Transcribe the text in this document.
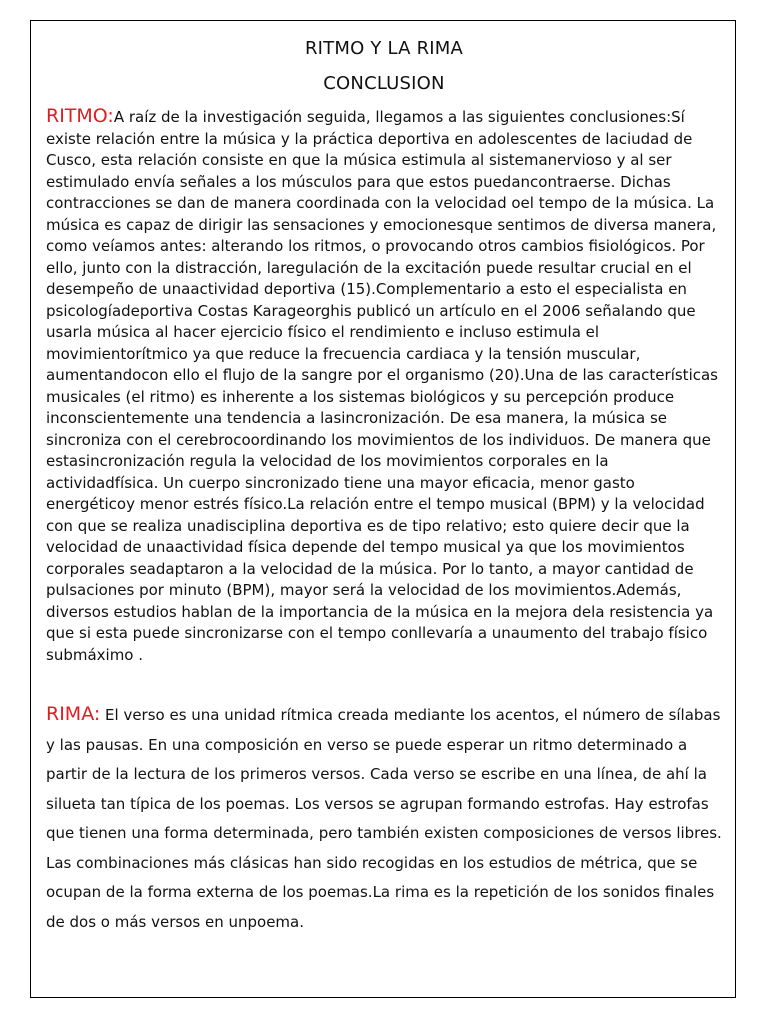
RITMO Y LA RIMA
CONCLUSION

RITMO:A raíz de la investigación seguida, llegamos a las siguientes conclusiones:Sí existe relación entre la música y la práctica deportiva en adolescentes de laciudad de Cusco, esta relación consiste en que la música estimula al sistemanervioso y al ser estimulado envía señales a los músculos para que estos puedancontraerse. Dichas contracciones se dan de manera coordinada con la velocidad oel tempo de la música. La música es capaz de dirigir las sensaciones y emocionesque sentimos de diversa manera, como veíamos antes: alterando los ritmos, o provocando otros cambios fisiológicos. Por ello, junto con la distracción, laregulación de la excitación puede resultar crucial en el desempeño de unaactividad deportiva (15).Complementario a esto el especialista en psicologíadeportiva Costas Karageorghis publicó un artículo en el 2006 señalando que usarla música al hacer ejercicio físico el rendimiento e incluso estimula el movimientorítmico ya que reduce la frecuencia cardiaca y la tensión muscular, aumentandocon ello el flujo de la sangre por el organismo (20).Una de las características musicales (el ritmo) es inherente a los sistemas biológicos y su percepción produce inconscientemente una tendencia a lasincronización. De esa manera, la música se sincroniza con el cerebrocoordinando los movimientos de los individuos. De manera que estasincronización regula la velocidad de los movimientos corporales en la actividadfísica. Un cuerpo sincronizado tiene una mayor eficacia, menor gasto energéticoy menor estrés físico.La relación entre el tempo musical (BPM) y la velocidad con que se realiza unadisciplina deportiva es de tipo relativo; esto quiere decir que la velocidad de unaactividad física depende del tempo musical ya que los movimientos corporales seadaptaron a la velocidad de la música. Por lo tanto, a mayor cantidad de pulsaciones por minuto (BPM), mayor será la velocidad de los movimientos.Además, diversos estudios hablan de la importancia de la música en la mejora dela resistencia ya que si esta puede sincronizarse con el tempo conllevaría a unaumento del trabajo físico submáximo .

RIMA: El verso es una unidad rítmica creada mediante los acentos, el número de sílabas y las pausas. En una composición en verso se puede esperar un ritmo determinado a partir de la lectura de los primeros versos. Cada verso se escribe en una línea, de ahí la silueta tan típica de los poemas. Los versos se agrupan formando estrofas. Hay estrofas que tienen una forma determinada, pero también existen composiciones de versos libres. Las combinaciones más clásicas han sido recogidas en los estudios de métrica, que se ocupan de la forma externa de los poemas.La rima es la repetición de los sonidos finales de dos o más versos en unpoema.
